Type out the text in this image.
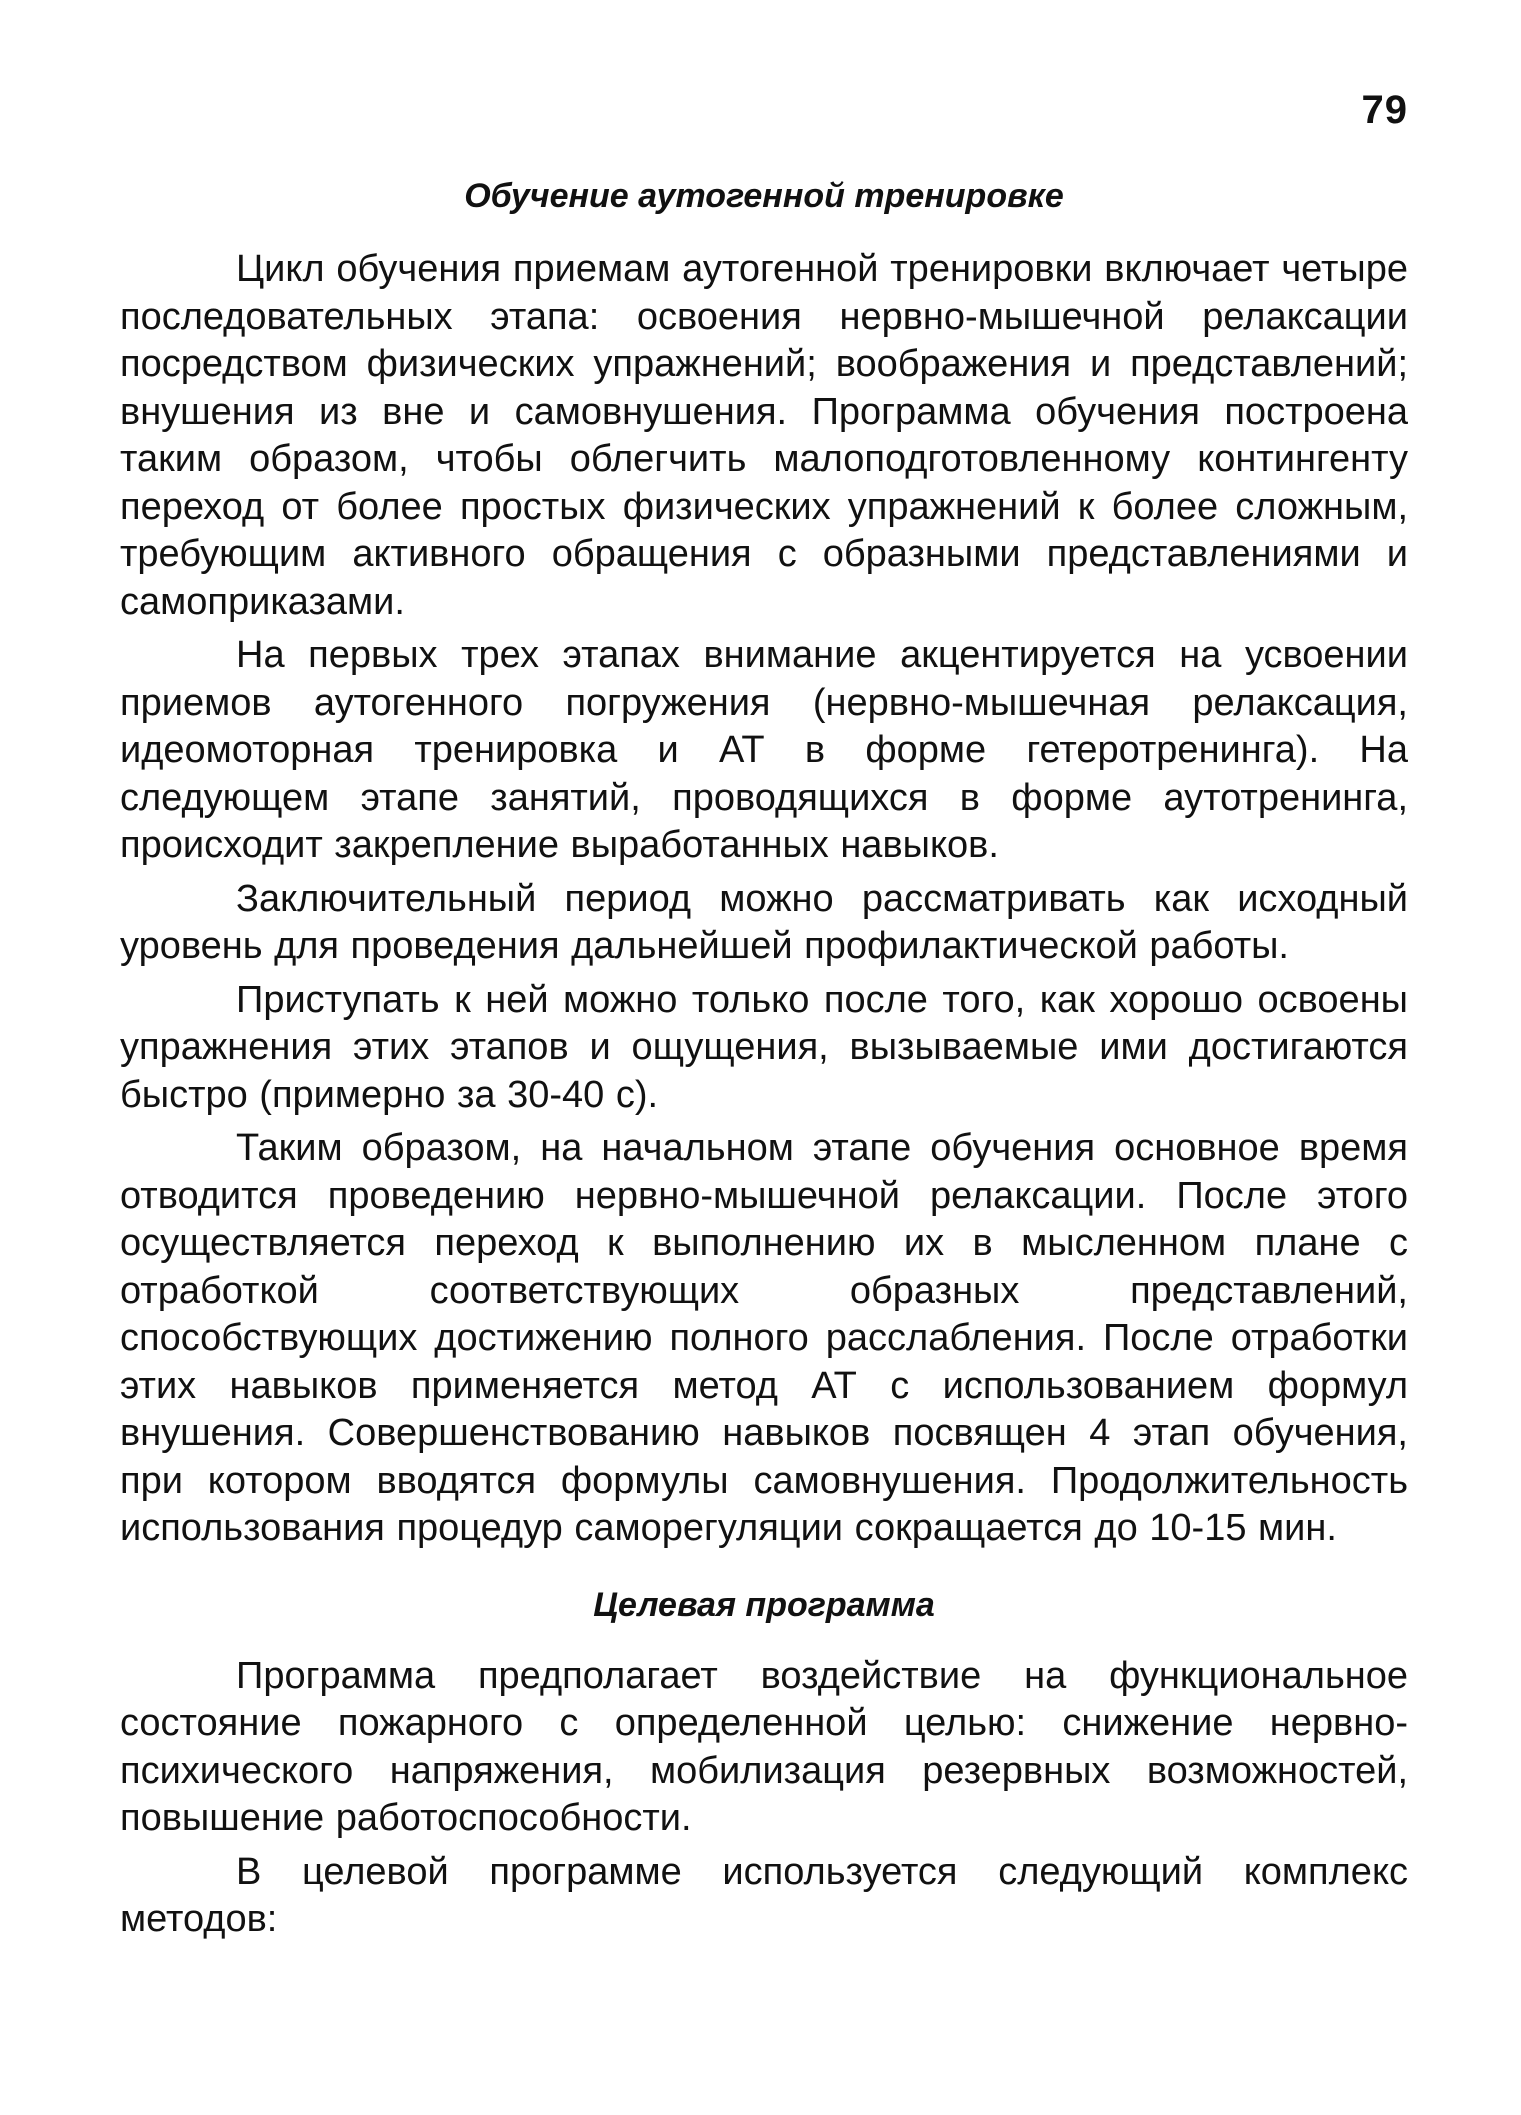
79
Обучение аутогенной тренировке

Цикл обучения приемам аутогенной тренировки включает четыре последовательных этапа: освоения нервно-мышечной релаксации посредством физических упражнений; воображения и представлений; внушения из вне и самовнушения. Программа обучения построена таким образом, чтобы облегчить малоподготовленному контингенту переход от более простых физических упражнений к более сложным, требующим активного обращения с образными представлениями и самоприказами.

На первых трех этапах внимание акцентируется на усвоении приемов аутогенного погружения (нервно-мышечная релаксация, идеомоторная тренировка и АТ в форме гетеротренинга). На следующем этапе занятий, проводящихся в форме аутотренинга, происходит закрепление выработанных навыков.

Заключительный период можно рассматривать как исходный уровень для проведения дальнейшей профилактической работы.

Приступать к ней можно только после того, как хорошо освоены упражнения этих этапов и ощущения, вызываемые ими достигаются быстро (примерно за 30-40 с).

Таким образом, на начальном этапе обучения основное время отводится проведению нервно-мышечной релаксации. После этого осуществляется переход к выполнению их в мысленном плане с отработкой соответствующих образных представлений, способствующих достижению полного расслабления. После отработки этих навыков применяется метод АТ с использованием формул внушения. Совершенствованию навыков посвящен 4 этап обучения, при котором вводятся формулы самовнушения. Продолжительность использования процедур саморегуляции сокращается до 10-15 мин.

Целевая программа

Программа предполагает воздействие на функциональное состояние пожарного с определенной целью: снижение нервнопсихического напряжения, мобилизация резервных возможностей, повышение работоспособности.

В целевой программе используется следующий комплекс методов:
